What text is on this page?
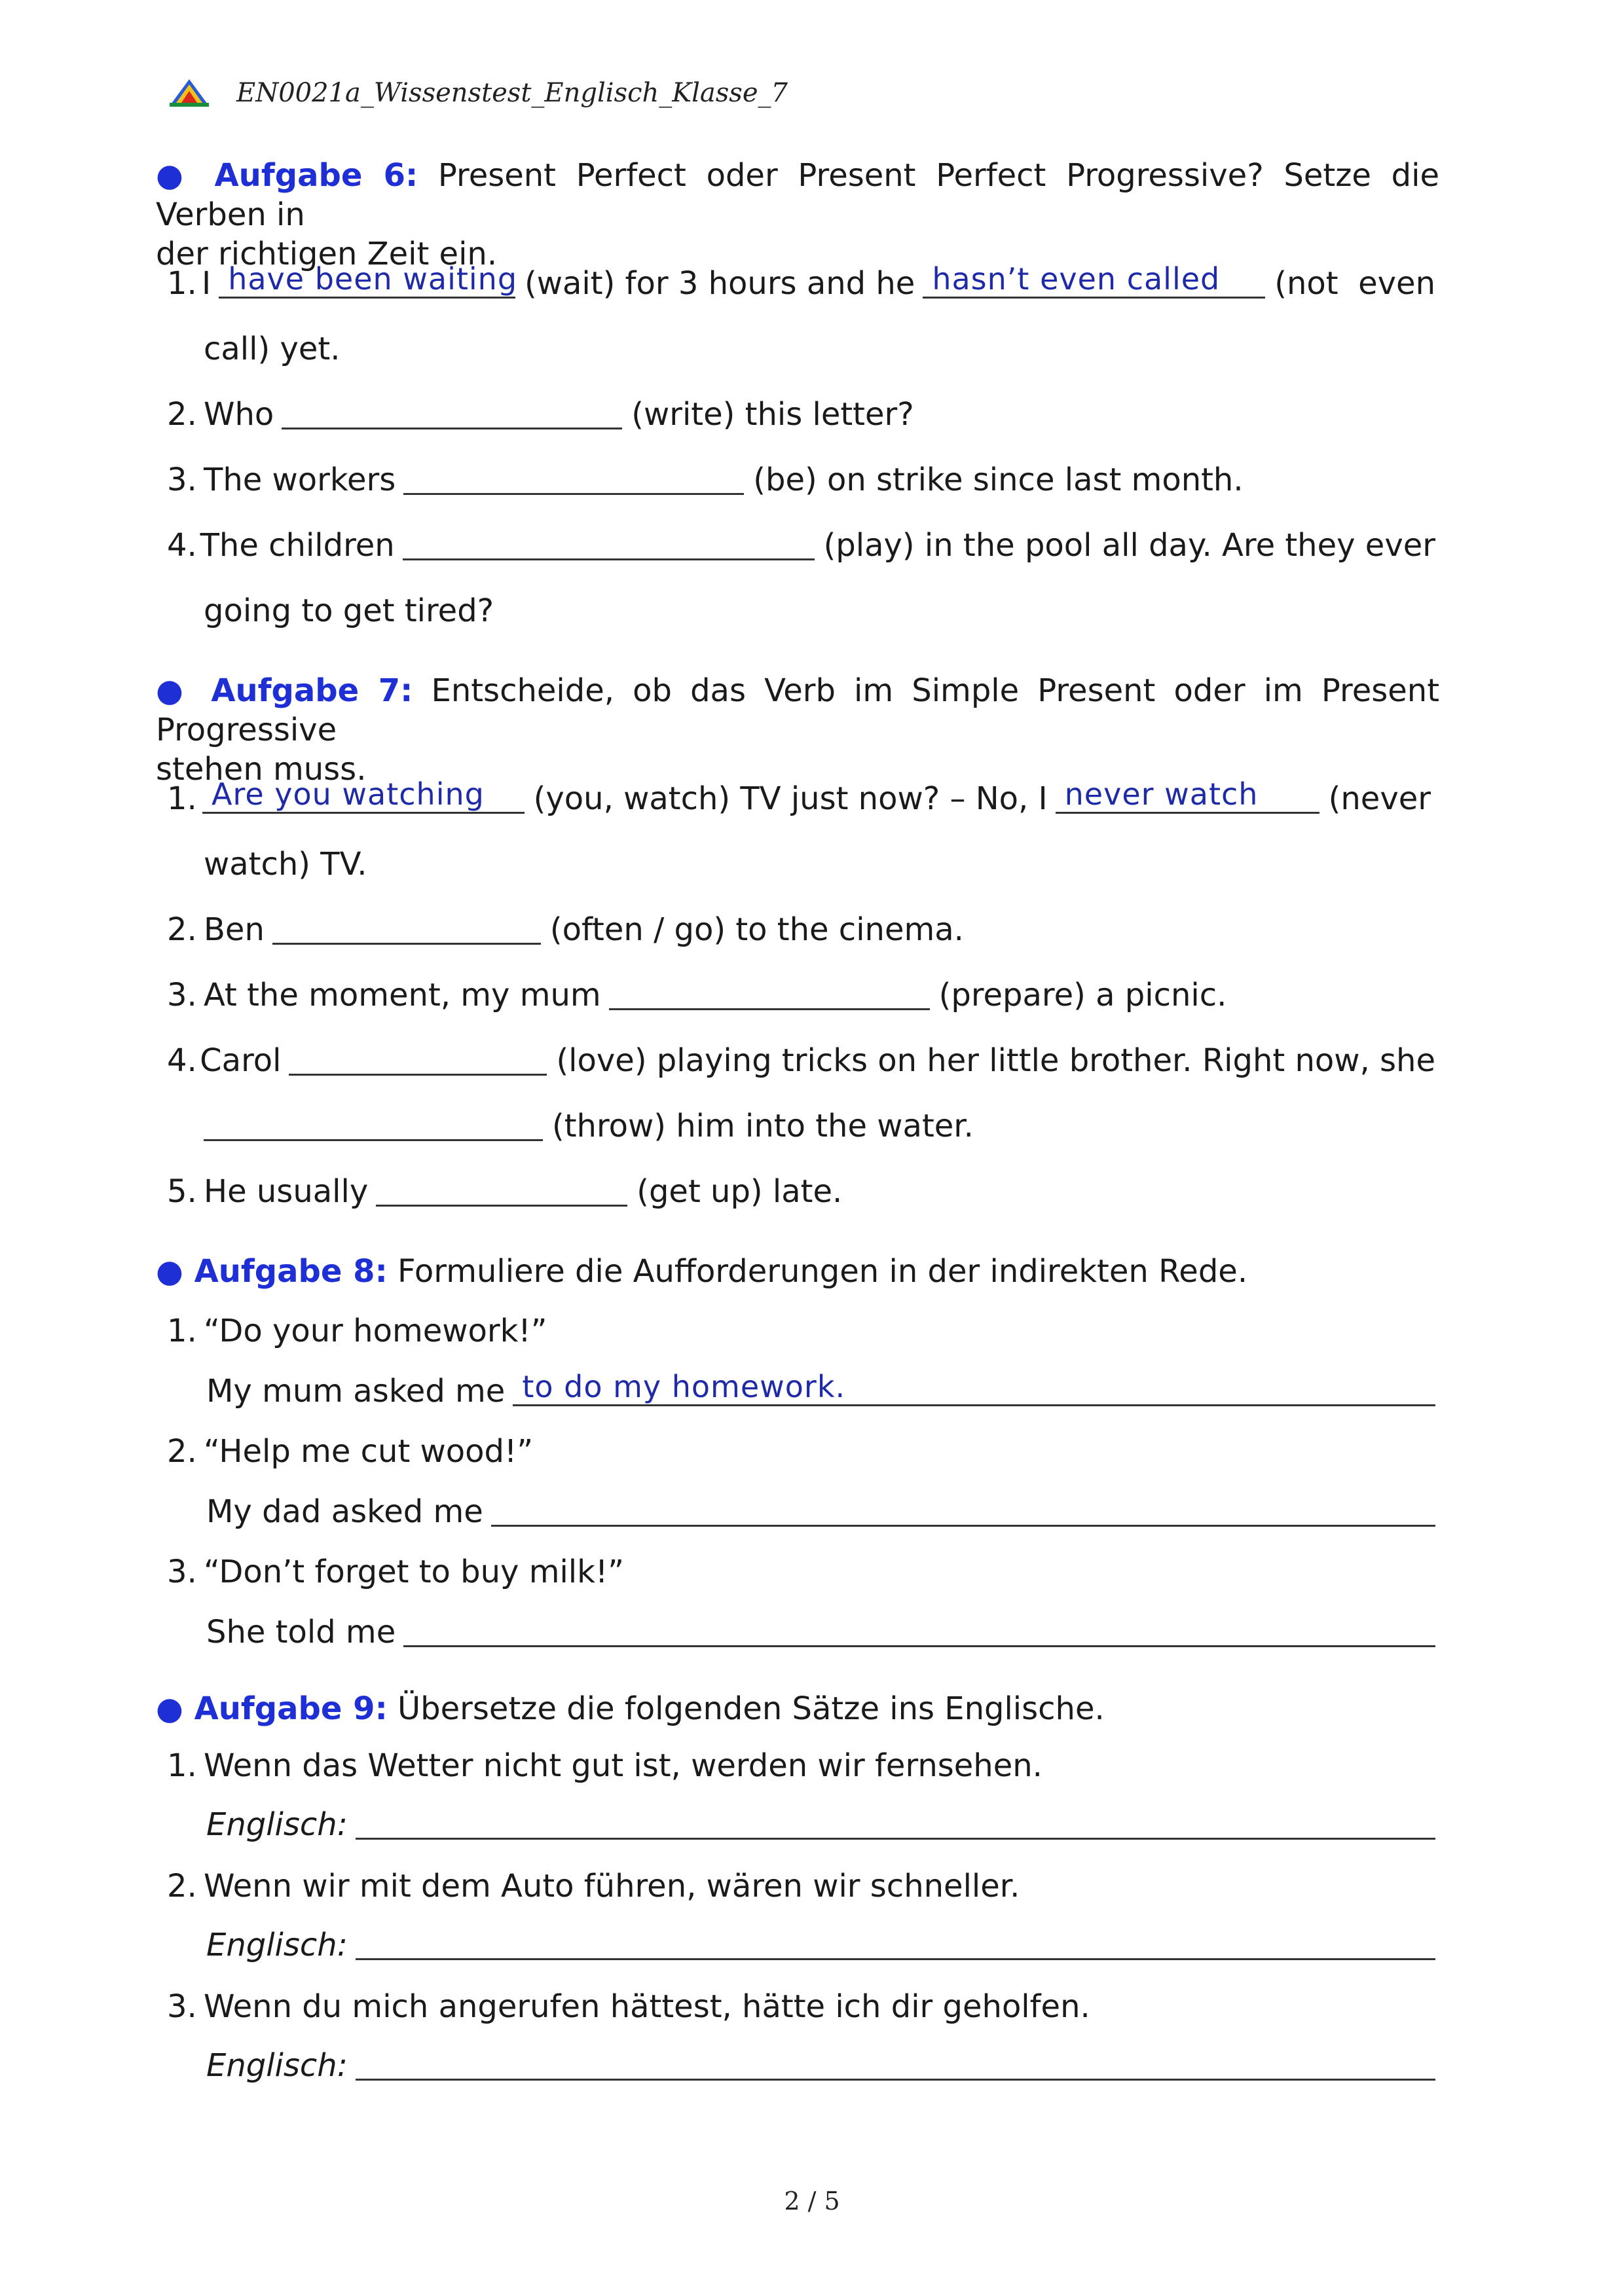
EN0021a_Wissenstest_Englisch_Klasse_7
● Aufgabe 6: Present Perfect oder Present Perfect Progressive? Setze die Verben in
der richtigen Zeit ein.
1. I have been waiting (wait) for 3 hours and he hasn’t even called (not  even
call) yet.
2. Who	(write) this letter?
3. The workers	(be) on strike since last month.
4. The children	(play) in the pool all day. Are they ever
going to get tired?
● Aufgabe 7: Entscheide, ob das Verb im Simple Present oder im Present Progressive
stehen muss.
1. Are you watching (you, watch) TV just now? – No, I never watch (never
watch) TV.
2. Ben	(often / go) to the cinema.
3. At the moment, my mum	(prepare) a picnic.
4. Carol	(love) playing tricks on her little brother. Right now, she
(throw) him into the water.
5. He usually	(get up) late.
● Aufgabe 8: Formuliere die Aufforderungen in der indirekten Rede.
1. “Do your homework!”
My mum asked me to do my homework.
2. “Help me cut wood!”
My dad asked me
3. “Don’t forget to buy milk!”
She told me
● Aufgabe 9: Übersetze die folgenden Sätze ins Englische.
1. Wenn das Wetter nicht gut ist, werden wir fernsehen.
Englisch:
2. Wenn wir mit dem Auto führen, wären wir schneller.
Englisch:
3. Wenn du mich angerufen hättest, hätte ich dir geholfen.
Englisch:
2 / 5
